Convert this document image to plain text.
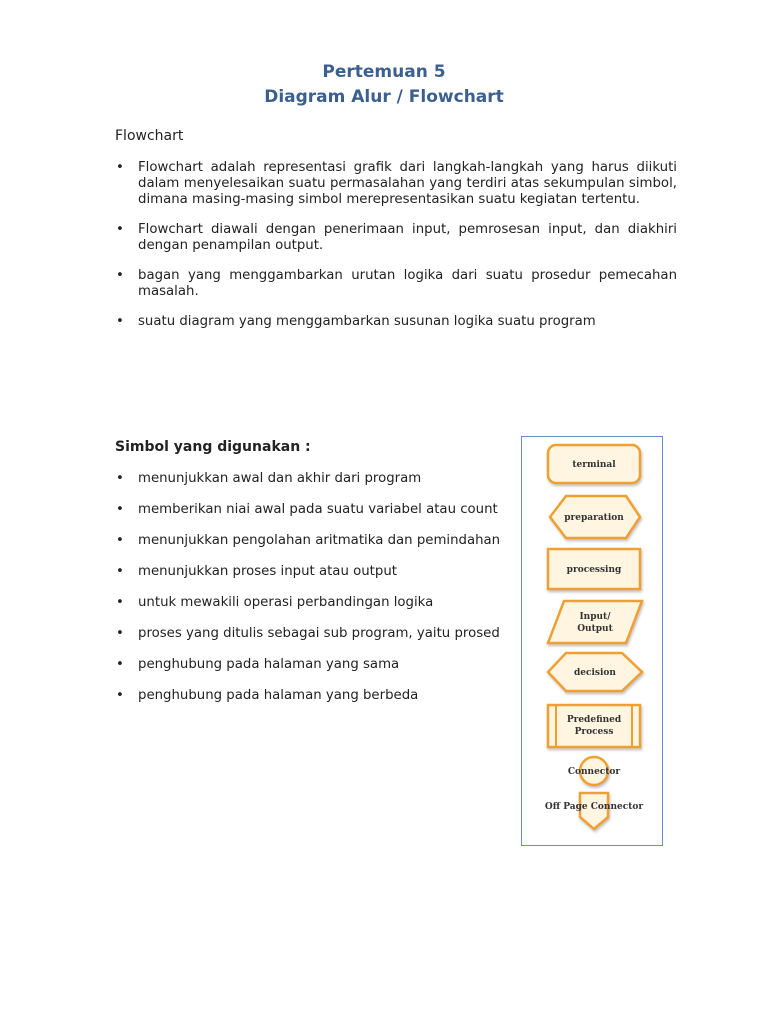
Pertemuan 5
Diagram Alur / Flowchart
Flowchart
• Flowchart adalah representasi grafik dari langkah-langkah yang harus diikuti dalam menyelesaikan suatu permasalahan yang terdiri atas sekumpulan simbol, dimana masing-masing simbol merepresentasikan suatu kegiatan tertentu.
• Flowchart diawali dengan penerimaan input, pemrosesan input, dan diakhiri dengan penampilan output.
• bagan yang menggambarkan urutan logika dari suatu prosedur pemecahan masalah.
• suatu diagram yang menggambarkan susunan logika suatu program
Simbol yang digunakan :
• menunjukkan awal dan akhir dari program
• memberikan niai awal pada suatu variabel atau count
• menunjukkan pengolahan aritmatika dan pemindahan
• menunjukkan proses input atau output
• untuk mewakili operasi perbandingan logika
• proses yang ditulis sebagai sub program, yaitu prosed
• penghubung pada halaman yang sama
• penghubung pada halaman yang berbeda
terminal
preparation
processing
Input/
Output
decision
Predefined
Process
Connector
Off Page Connector
